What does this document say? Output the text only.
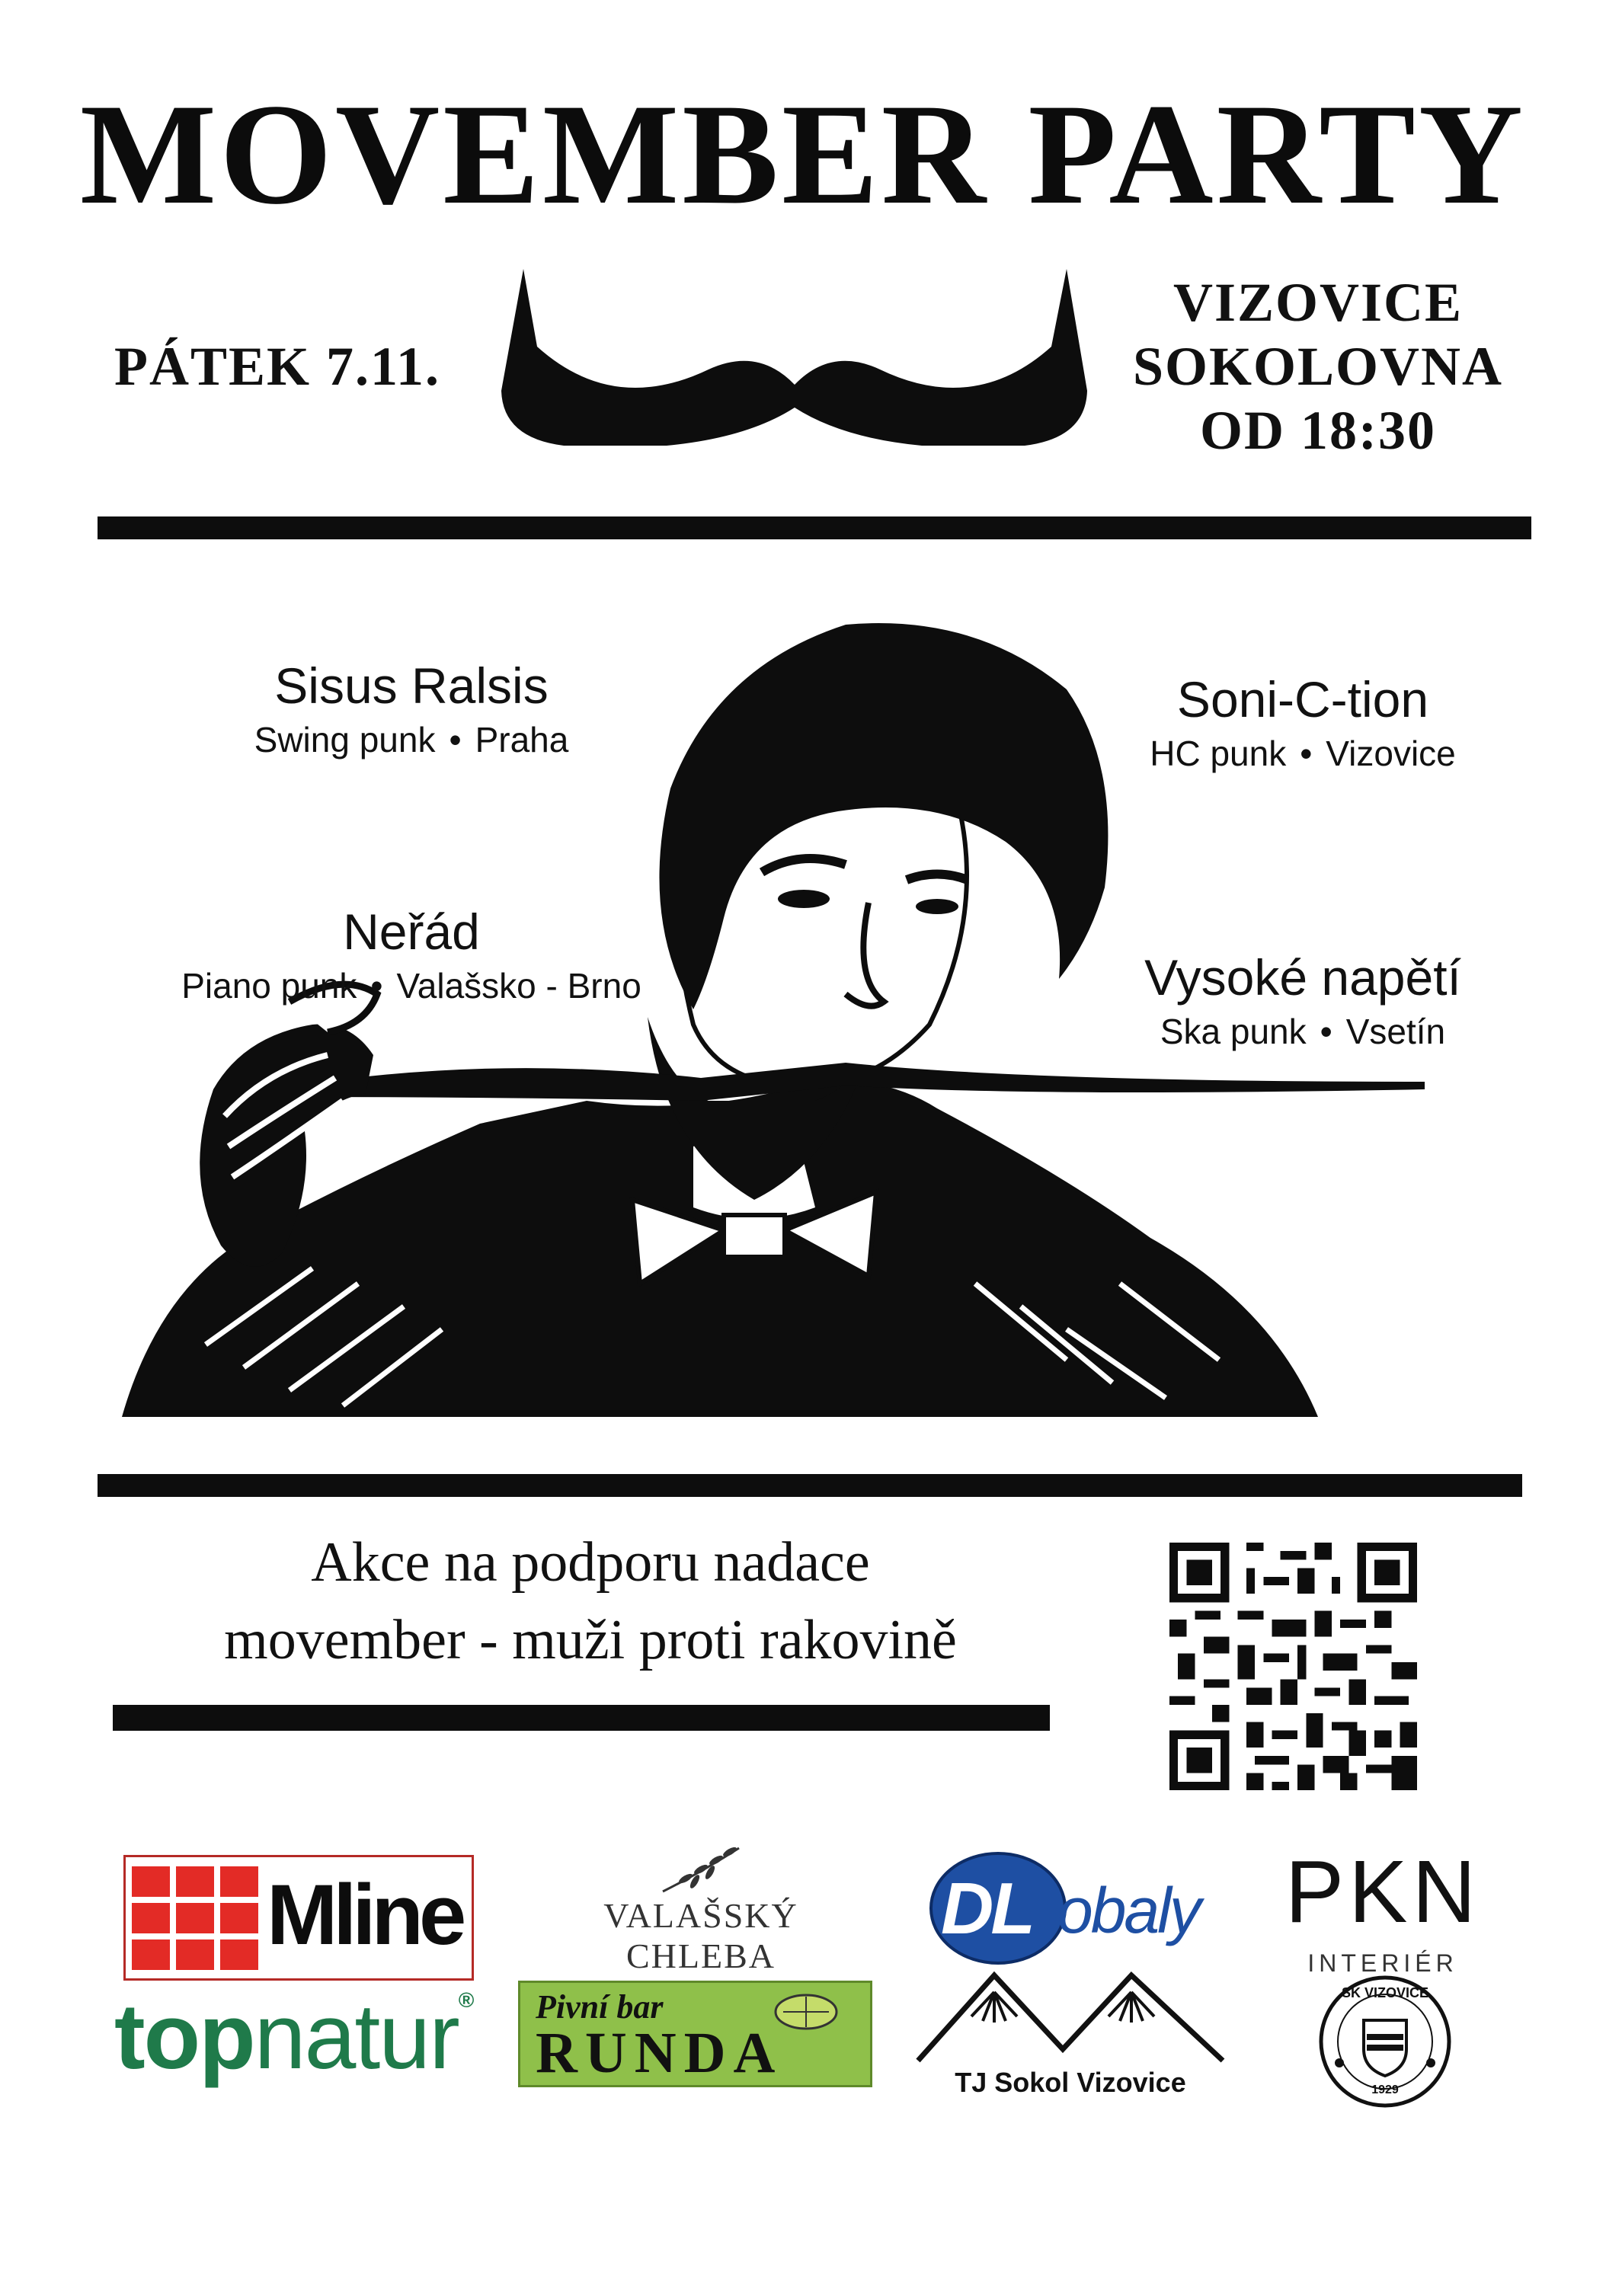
MOVEMBER PARTY
PÁTEK 7.11.
VIZOVICE
SOKOLOVNA
OD 18:30
Sisus Ralsis
Swing punk • Praha
Soni-C-tion
HC punk • Vizovice
Neřád
Piano punk • Valašsko - Brno	Vysoké napětí
Ska punk • Vsetín
Akce na podporu nadace
movember - muži proti rakovině
Mline	VALAŠSKÝ CHLEBA
DL obaly PKN
INTERIÉR
topnatur® Pivní bar
RUNDA	TJ Sokol Vizovice
SK VIZOVICE
1929
